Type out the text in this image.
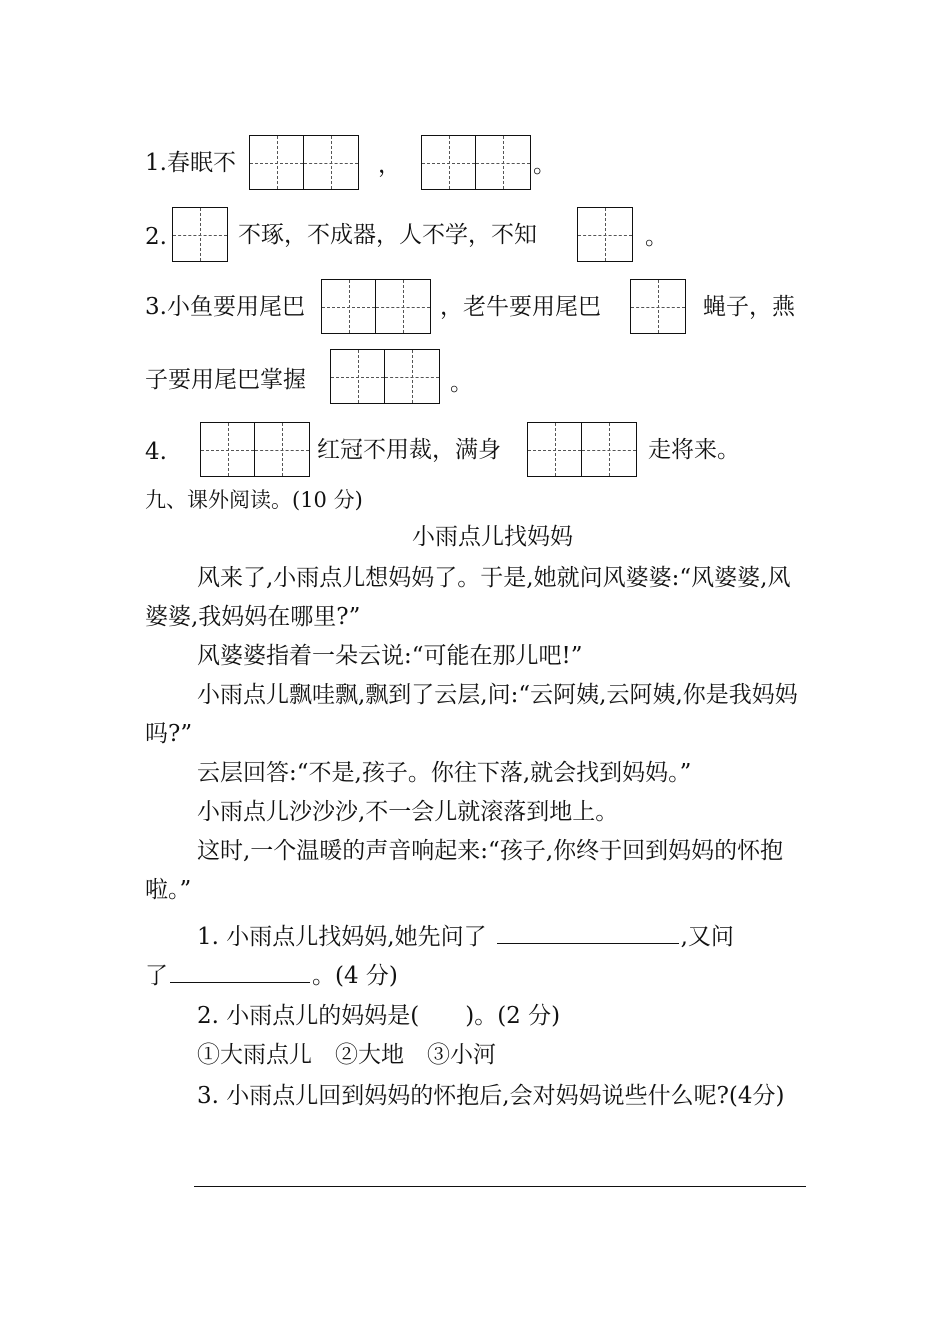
1.春眠不	，	。
2.	不琢，不成器，人不学，不知	。
3.小鱼要用尾巴	，老牛要用尾巴	蝇子，燕
子要用尾巴掌握	。
4.	红冠不用裁，满身	走将来。
九、课外阅读。(10 分)
小雨点儿找妈妈
风来了,小雨点儿想妈妈了。于是,她就问风婆婆:“风婆婆,风婆婆,我妈妈在哪里?”
风婆婆指着一朵云说:“可能在那儿吧!”
小雨点儿飘哇飘,飘到了云层,问:“云阿姨,云阿姨,你是我妈妈吗?”
云层回答:“不是,孩子。你往下落,就会找到妈妈。”
小雨点儿沙沙沙,不一会儿就滚落到地上。
这时,一个温暖的声音响起来:“孩子,你终于回到妈妈的怀抱啦。”
1. 小雨点儿找妈妈,她先问了	,又问
了	。(4 分)
2. 小雨点儿的妈妈是(　　)。(2 分)
①大雨点儿　②大地　③小河
3. 小雨点儿回到妈妈的怀抱后,会对妈妈说些什么呢?(4分)
